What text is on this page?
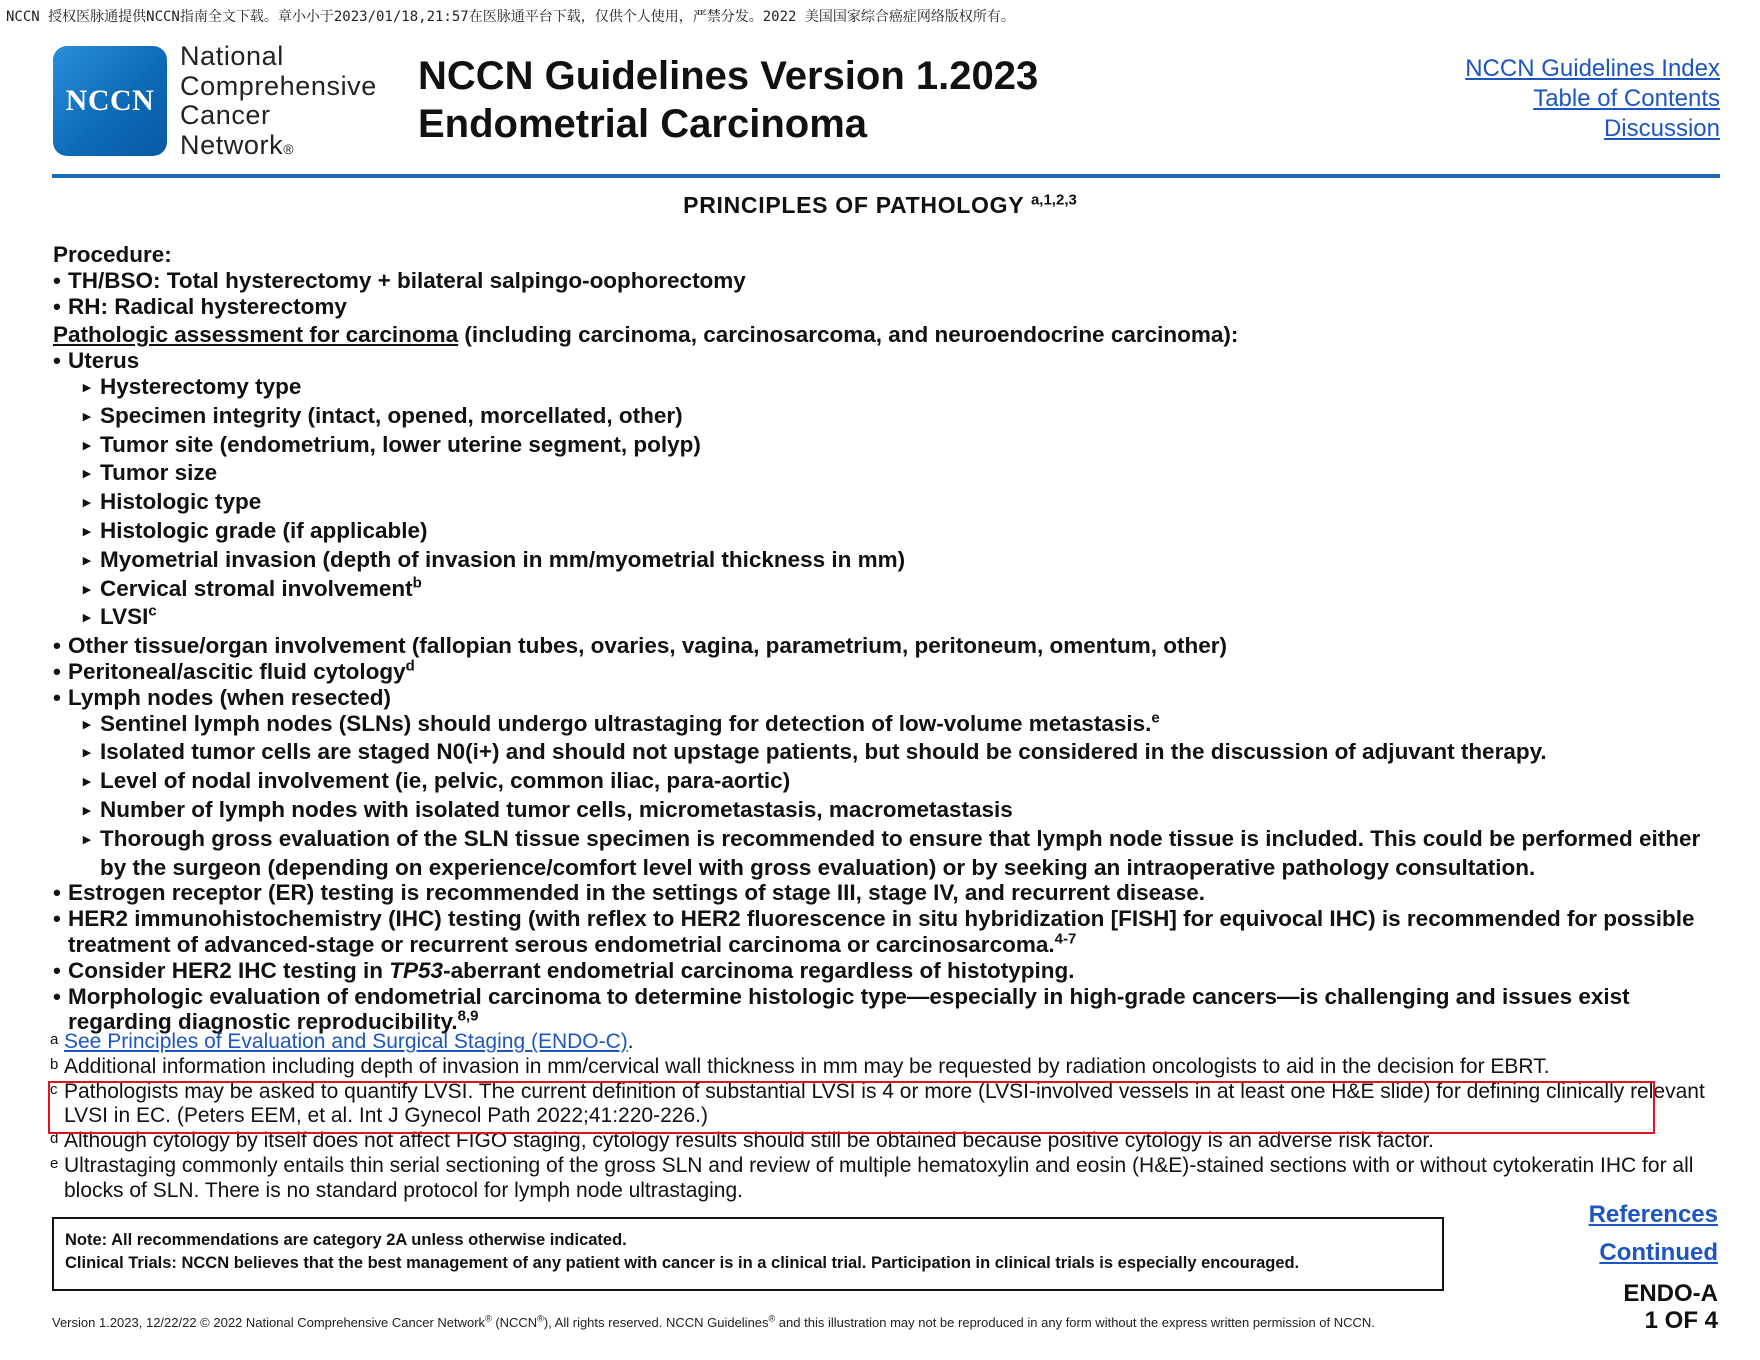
NCCN 授权医脉通提供NCCN指南全文下载。章小小于2023/01/18,21:57在医脉通平台下载，仅供个人使用，严禁分发。2022 美国国家综合癌症网络版权所有。
NCCN
National
Comprehensive
Cancer
Network®
NCCN Guidelines Version 1.2023
Endometrial Carcinoma
NCCN Guidelines Index
Table of Contents
Discussion
PRINCIPLES OF PATHOLOGY $^{a,1,2,3}$
Procedure:
• TH/BSO: Total hysterectomy + bilateral salpingo-oophorectomy
• RH: Radical hysterectomy
Pathologic assessment for carcinoma (including carcinoma, carcinosarcoma, and neuroendocrine carcinoma):
• Uterus
▸ Hysterectomy type
▸ Specimen integrity (intact, opened, morcellated, other)
▸ Tumor site (endometrium, lower uterine segment, polyp)
▸ Tumor size
▸ Histologic type
▸ Histologic grade (if applicable)
▸ Myometrial invasion (depth of invasion in mm/myometrial thickness in mm)
▸ Cervical stromal involvement$^b$
▸ LVSI$^c$
• Other tissue/organ involvement (fallopian tubes, ovaries, vagina, parametrium, peritoneum, omentum, other)
• Peritoneal/ascitic fluid cytology$^d$
• Lymph nodes (when resected)
▸ Sentinel lymph nodes (SLNs) should undergo ultrastaging for detection of low-volume metastasis.$^e$
▸ Isolated tumor cells are staged N0(i+) and should not upstage patients, but should be considered in the discussion of adjuvant therapy.
▸ Level of nodal involvement (ie, pelvic, common iliac, para-aortic)
▸ Number of lymph nodes with isolated tumor cells, micrometastasis, macrometastasis
▸ Thorough gross evaluation of the SLN tissue specimen is recommended to ensure that lymph node tissue is included. This could be performed either by the surgeon (depending on experience/comfort level with gross evaluation) or by seeking an intraoperative pathology consultation.
• Estrogen receptor (ER) testing is recommended in the settings of stage III, stage IV, and recurrent disease.
• HER2 immunohistochemistry (IHC) testing (with reflex to HER2 fluorescence in situ hybridization [FISH] for equivocal IHC) is recommended for possible treatment of advanced-stage or recurrent serous endometrial carcinoma or carcinosarcoma.$^{4-7}$
• Consider HER2 IHC testing in TP53-aberrant endometrial carcinoma regardless of histotyping.
• Morphologic evaluation of endometrial carcinoma to determine histologic type—especially in high-grade cancers—is challenging and issues exist regarding diagnostic reproducibility.$^{8,9}$
a See Principles of Evaluation and Surgical Staging (ENDO-C).
b Additional information including depth of invasion in mm/cervical wall thickness in mm may be requested by radiation oncologists to aid in the decision for EBRT.
c Pathologists may be asked to quantify LVSI. The current definition of substantial LVSI is 4 or more (LVSI-involved vessels in at least one H&E slide) for defining clinically relevant LVSI in EC. (Peters EEM, et al. Int J Gynecol Path 2022;41:220-226.)
d Although cytology by itself does not affect FIGO staging, cytology results should still be obtained because positive cytology is an adverse risk factor.
e Ultrastaging commonly entails thin serial sectioning of the gross SLN and review of multiple hematoxylin and eosin (H&E)-stained sections with or without cytokeratin IHC for all blocks of SLN. There is no standard protocol for lymph node ultrastaging.
Note: All recommendations are category 2A unless otherwise indicated.
Clinical Trials: NCCN believes that the best management of any patient with cancer is in a clinical trial. Participation in clinical trials is especially encouraged.
References
Continued
ENDO-A
1 OF 4
Version 1.2023, 12/22/22 © 2022 National Comprehensive Cancer Network® (NCCN®), All rights reserved. NCCN Guidelines® and this illustration may not be reproduced in any form without the express written permission of NCCN.
